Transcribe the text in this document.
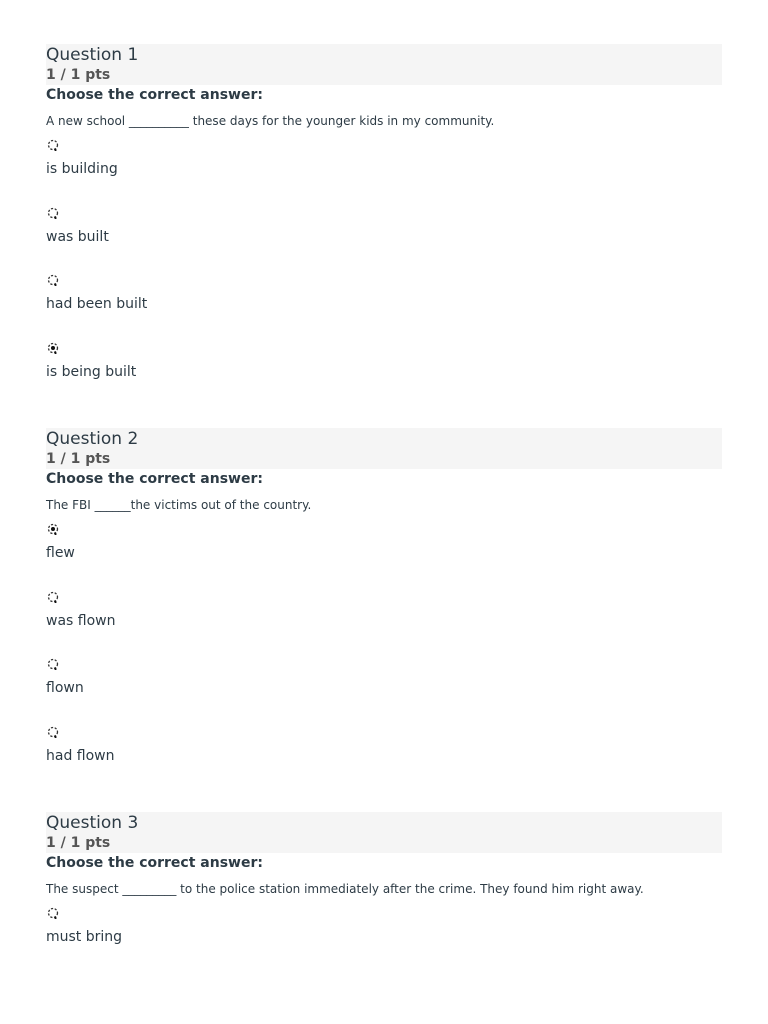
Question 1
1 / 1 pts
Choose the correct answer:
A new school __________ these days for the younger kids in my community.
is building
was built
had been built
is being built
Question 2
1 / 1 pts
Choose the correct answer:
The FBI ______the victims out of the country.
flew
was flown
flown
had flown
Question 3
1 / 1 pts
Choose the correct answer:
The suspect _________ to the police station immediately after the crime. They found him right away.
must bring
